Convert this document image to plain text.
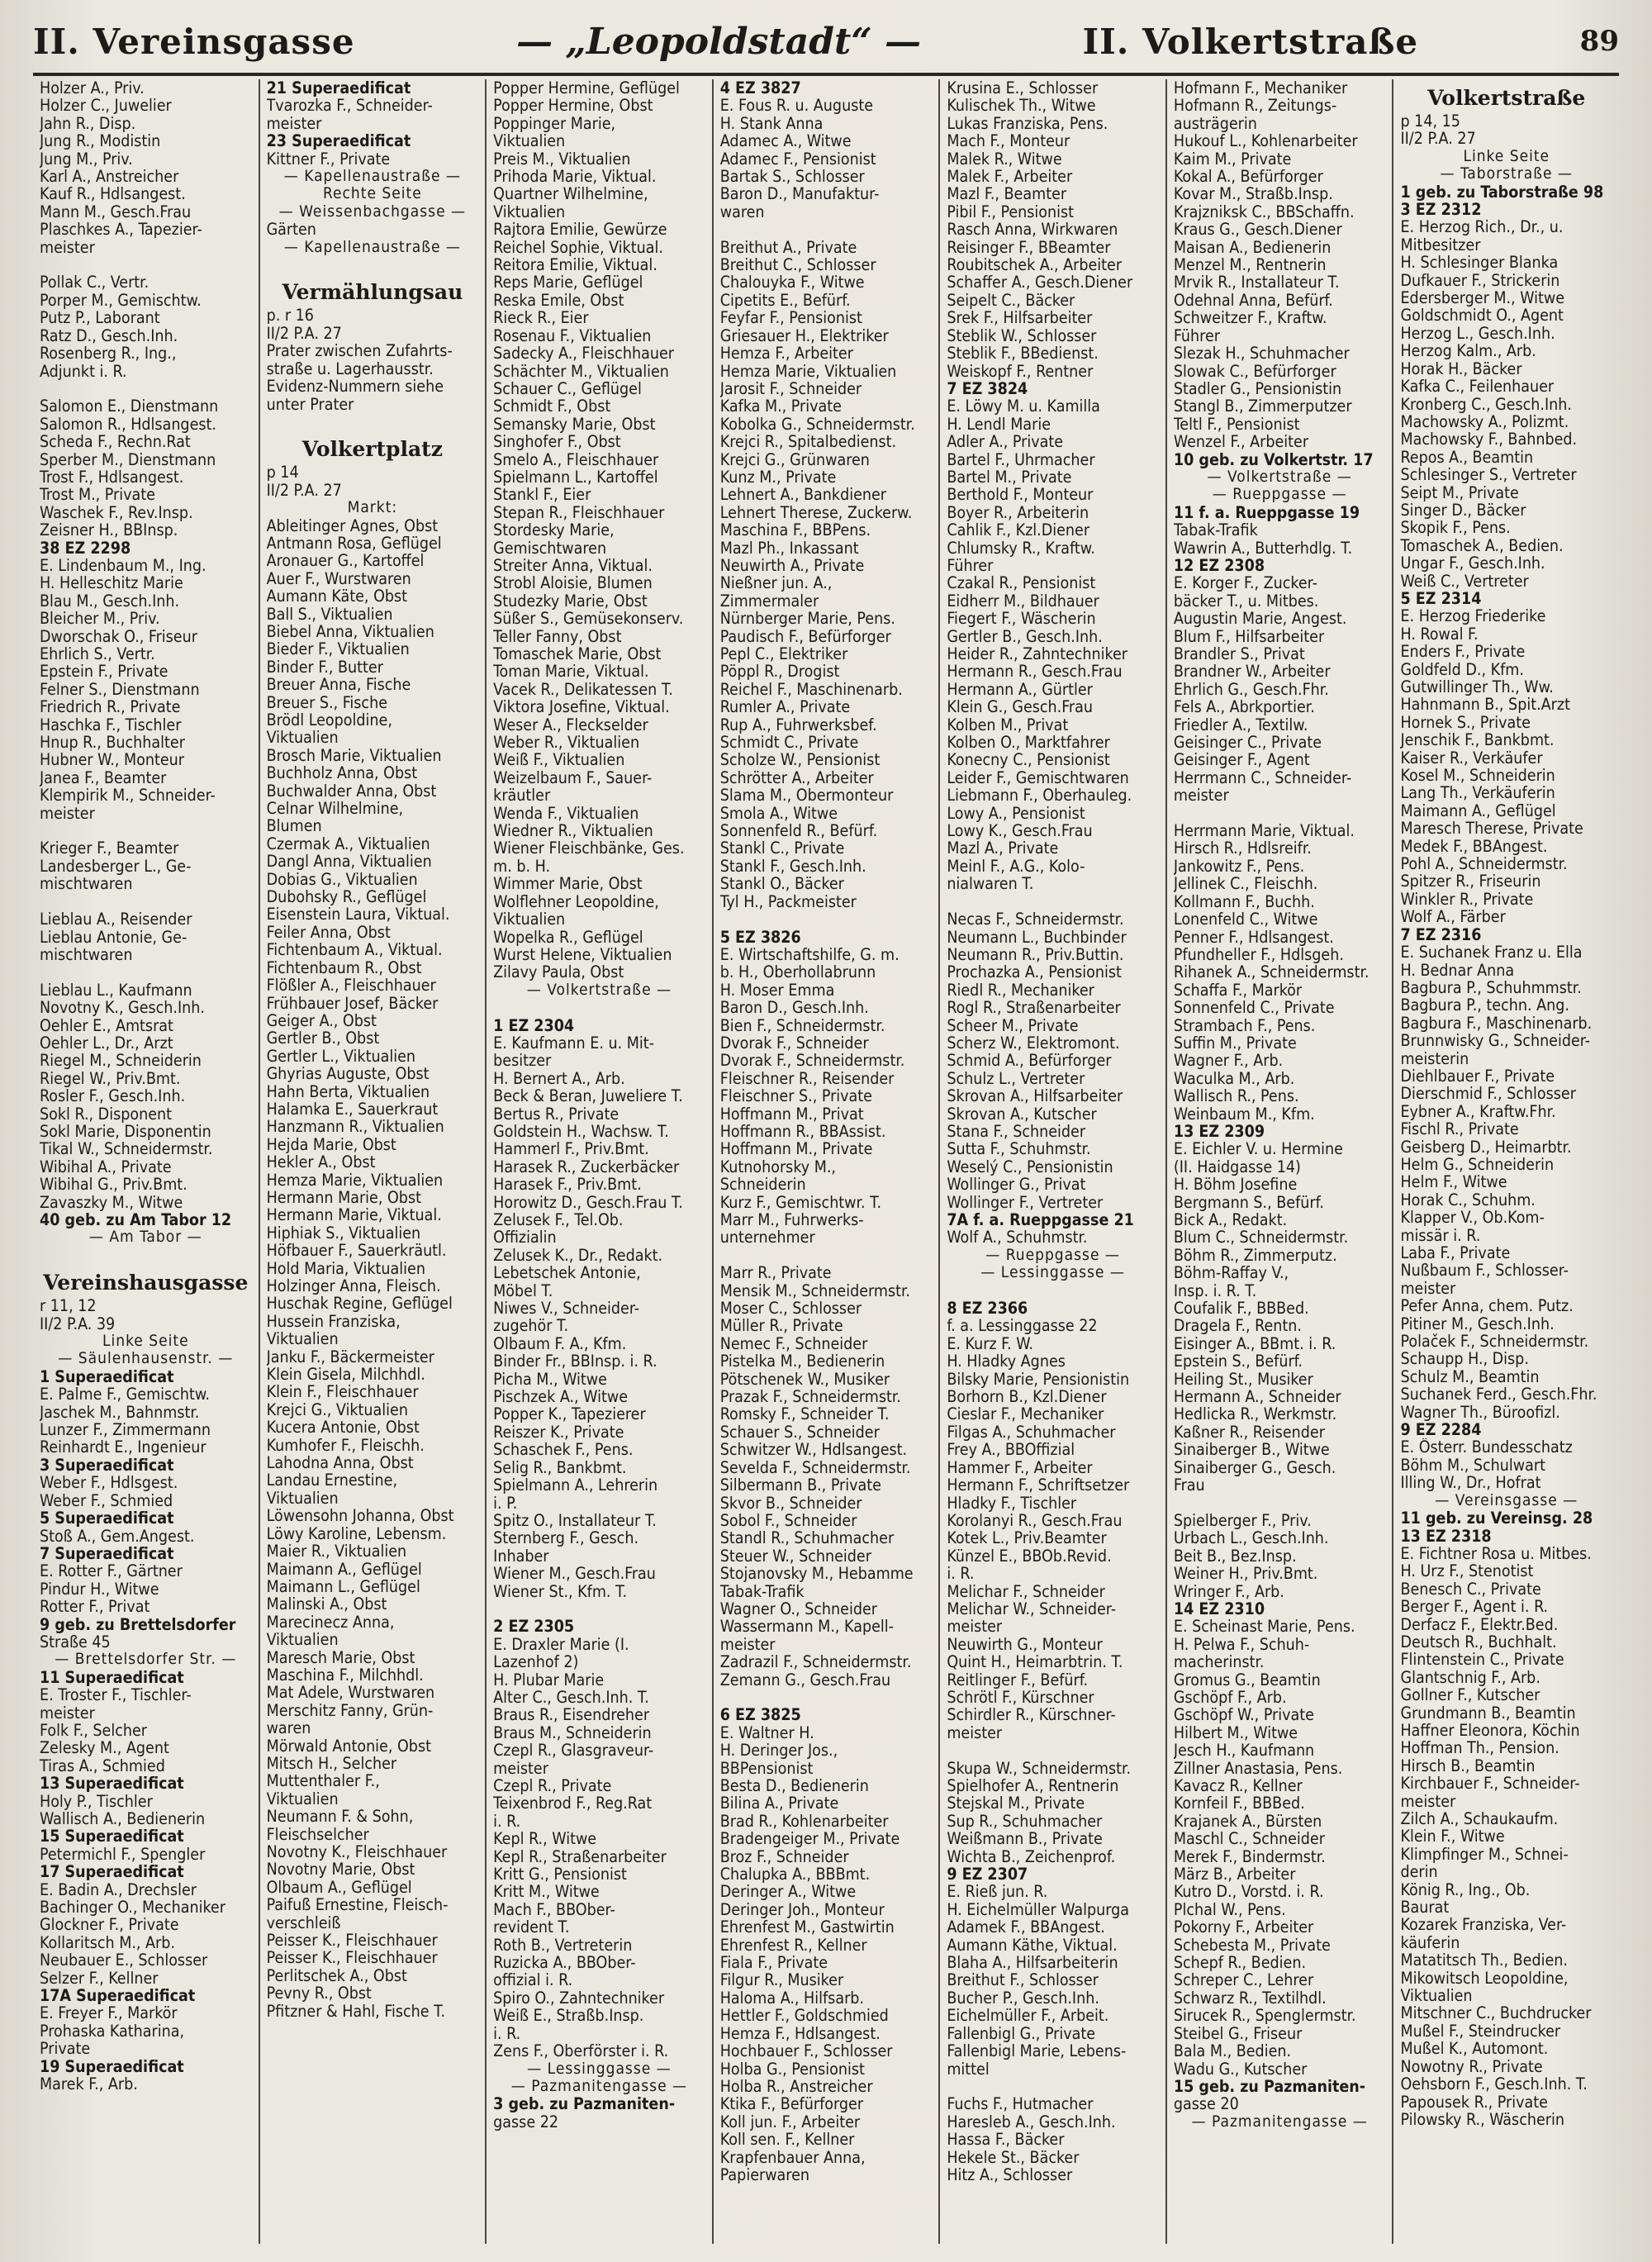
II. Vereinsgasse	— „Leopoldstadt“ —	II. Volkertstraße	89
Holzer A., Priv.
Holzer C., Juwelier
Jahn R., Disp.
Jung R., Modistin
Jung M., Priv.
Karl A., Anstreicher
Kauf R., Hdlsangest.
Mann M., Gesch.Frau
Plaschkes A., Tapezier-
meister

Pollak C., Vertr.
Porper M., Gemischtw.
Putz P., Laborant
Ratz D., Gesch.Inh.
Rosenberg R., Ing.,
Adjunkt i. R.

Salomon E., Dienstmann
Salomon R., Hdlsangest.
Scheda F., Rechn.Rat
Sperber M., Dienstmann
Trost F., Hdlsangest.
Trost M., Private
Waschek F., Rev.Insp.
Zeisner H., BBInsp.
38 EZ 2298
E. Lindenbaum M., Ing.
H. Helleschitz Marie
Blau M., Gesch.Inh.
Bleicher M., Priv.
Dworschak O., Friseur
Ehrlich S., Vertr.
Epstein F., Private
Felner S., Dienstmann
Friedrich R., Private
Haschka F., Tischler
Hnup R., Buchhalter
Hubner W., Monteur
Janea F., Beamter
Klempirik M., Schneider-
meister

Krieger F., Beamter
Landesberger L., Ge-
mischtwaren

Lieblau A., Reisender
Lieblau Antonie, Ge-
mischtwaren

Lieblau L., Kaufmann
Novotny K., Gesch.Inh.
Oehler E., Amtsrat
Oehler L., Dr., Arzt
Riegel M., Schneiderin
Riegel W., Priv.Bmt.
Rosler F., Gesch.Inh.
Sokl R., Disponent
Sokl Marie, Disponentin
Tikal W., Schneidermstr.
Wibihal A., Private
Wibihal G., Priv.Bmt.
Zavaszky M., Witwe
40 geb. zu Am Tabor 12
— Am Tabor —

Vereinshausgasse
r 11, 12
II/2 P.A. 39
Linke Seite
— Säulenhausenstr. —
1 Superaedificat
E. Palme F., Gemischtw.
Jaschek M., Bahnmstr.
Lunzer F., Zimmermann
Reinhardt E., Ingenieur
3 Superaedificat
Weber F., Hdlsgest.
Weber F., Schmied
5 Superaedificat
Stoß A., Gem.Angest.
7 Superaedificat
E. Rotter F., Gärtner
Pindur H., Witwe
Rotter F., Privat
9 geb. zu Brettelsdorfer
Straße 45
— Brettelsdorfer Str. —
11 Superaedificat
E. Troster F., Tischler-
meister
Folk F., Selcher
Zelesky M., Agent
Tiras A., Schmied
13 Superaedificat
Holy P., Tischler
Wallisch A., Bedienerin
15 Superaedificat
Petermichl F., Spengler
17 Superaedificat
E. Badin A., Drechsler
Bachinger O., Mechaniker
Glockner F., Private
Kollaritsch M., Arb.
Neubauer E., Schlosser
Selzer F., Kellner
17A Superaedificat
E. Freyer F., Markör
Prohaska Katharina,
Private
19 Superaedificat
Marek F., Arb.
21 Superaedificat
Tvarozka F., Schneider-
meister
23 Superaedificat
Kittner F., Private
— Kapellenaustraße —
Rechte Seite
— Weissenbachgasse —
Gärten
— Kapellenaustraße —

Vermählungsau
p. r 16
II/2 P.A. 27
Prater zwischen Zufahrts-
straße u. Lagerhausstr.
Evidenz-Nummern siehe
unter Prater

Volkertplatz
p 14
II/2 P.A. 27
Markt:
Ableitinger Agnes, Obst
Antmann Rosa, Geflügel
Aronauer G., Kartoffel
Auer F., Wurstwaren
Aumann Käte, Obst
Ball S., Viktualien
Biebel Anna, Viktualien
Bieder F., Viktualien
Binder F., Butter
Breuer Anna, Fische
Breuer S., Fische
Brödl Leopoldine,
Viktualien
Brosch Marie, Viktualien
Buchholz Anna, Obst
Buchwalder Anna, Obst
Celnar Wilhelmine,
Blumen
Czermak A., Viktualien
Dangl Anna, Viktualien
Dobias G., Viktualien
Dubohsky R., Geflügel
Eisenstein Laura, Viktual.
Feiler Anna, Obst
Fichtenbaum A., Viktual.
Fichtenbaum R., Obst
Flößler A., Fleischhauer
Frühbauer Josef, Bäcker
Geiger A., Obst
Gertler B., Obst
Gertler L., Viktualien
Ghyrias Auguste, Obst
Hahn Berta, Viktualien
Halamka E., Sauerkraut
Hanzmann R., Viktualien
Hejda Marie, Obst
Hekler A., Obst
Hemza Marie, Viktualien
Hermann Marie, Obst
Hermann Marie, Viktual.
Hiphiak S., Viktualien
Höfbauer F., Sauerkräutl.
Hold Maria, Viktualien
Holzinger Anna, Fleisch.
Huschak Regine, Geflügel
Hussein Franziska,
Viktualien
Janku F., Bäckermeister
Klein Gisela, Milchhdl.
Klein F., Fleischhauer
Krejci G., Viktualien
Kucera Antonie, Obst
Kumhofer F., Fleischh.
Lahodna Anna, Obst
Landau Ernestine,
Viktualien
Löwensohn Johanna, Obst
Löwy Karoline, Lebensm.
Maier R., Viktualien
Maimann A., Geflügel
Maimann L., Geflügel
Malinski A., Obst
Marecinecz Anna,
Viktualien
Maresch Marie, Obst
Maschina F., Milchhdl.
Mat Adele, Wurstwaren
Merschitz Fanny, Grün-
waren
Mörwald Antonie, Obst
Mitsch H., Selcher
Muttenthaler F.,
Viktualien
Neumann F. & Sohn,
Fleischselcher
Novotny K., Fleischhauer
Novotny Marie, Obst
Olbaum A., Geflügel
Paifuß Ernestine, Fleisch-
verschleiß
Peisser K., Fleischhauer
Peisser K., Fleischhauer
Perlitschek A., Obst
Pevny R., Obst
Pfitzner & Hahl, Fische T.
Popper Hermine, Geflügel
Popper Hermine, Obst
Poppinger Marie,
Viktualien
Preis M., Viktualien
Prihoda Marie, Viktual.
Quartner Wilhelmine,
Viktualien
Rajtora Emilie, Gewürze
Reichel Sophie, Viktual.
Reitora Emilie, Viktual.
Reps Marie, Geflügel
Reska Emile, Obst
Rieck R., Eier
Rosenau F., Viktualien
Sadecky A., Fleischhauer
Schächter M., Viktualien
Schauer C., Geflügel
Schmidt F., Obst
Semansky Marie, Obst
Singhofer F., Obst
Smelo A., Fleischhauer
Spielmann L., Kartoffel
Stankl F., Eier
Stepan R., Fleischhauer
Stordesky Marie,
Gemischtwaren
Streiter Anna, Viktual.
Strobl Aloisie, Blumen
Studezky Marie, Obst
Süßer S., Gemüsekonserv.
Teller Fanny, Obst
Tomaschek Marie, Obst
Toman Marie, Viktual.
Vacek R., Delikatessen T.
Viktora Josefine, Viktual.
Weser A., Fleckselder
Weber R., Viktualien
Weiß F., Viktualien
Weizelbaum F., Sauer-
kräutler
Wenda F., Viktualien
Wiedner R., Viktualien
Wiener Fleischbänke, Ges.
m. b. H.
Wimmer Marie, Obst
Wolflehner Leopoldine,
Viktualien
Wopelka R., Geflügel
Wurst Helene, Viktualien
Zilavy Paula, Obst
— Volkertstraße —

1 EZ 2304
E. Kaufmann E. u. Mit-
besitzer
H. Bernert A., Arb.
Beck & Beran, Juweliere T.
Bertus R., Private
Goldstein H., Wachsw. T.
Hammerl F., Priv.Bmt.
Harasek R., Zuckerbäcker
Harasek F., Priv.Bmt.
Horowitz D., Gesch.Frau T.
Zelusek F., Tel.Ob.
Offizialin
Zelusek K., Dr., Redakt.
Lebetschek Antonie,
Möbel T.
Niwes V., Schneider-
zugehör T.
Olbaum F. A., Kfm.
Binder Fr., BBInsp. i. R.
Picha M., Witwe
Pischzek A., Witwe
Popper K., Tapezierer
Reiszer K., Private
Schaschek F., Pens.
Selig R., Bankbmt.
Spielmann A., Lehrerin
i. P.
Spitz O., Installateur T.
Sternberg F., Gesch.
Inhaber
Wiener M., Gesch.Frau
Wiener St., Kfm. T.

2 EZ 2305
E. Draxler Marie (I.
Lazenhof 2)
H. Plubar Marie
Alter C., Gesch.Inh. T.
Braus R., Eisendreher
Braus M., Schneiderin
Czepl R., Glasgraveur-
meister
Czepl R., Private
Teixenbrod F., Reg.Rat
i. R.
Kepl R., Witwe
Kepl R., Straßenarbeiter
Kritt G., Pensionist
Kritt M., Witwe
Mach F., BBOber-
revident T.
Roth B., Vertreterin
Ruzicka A., BBOber-
offizial i. R.
Spiro O., Zahntechniker
Weiß E., Straßb.Insp.
i. R.
Zens F., Oberförster i. R.
— Lessinggasse —
— Pazmanitengasse —
3 geb. zu Pazmaniten-
gasse 22
4 EZ 3827
E. Fous R. u. Auguste
H. Stank Anna
Adamec A., Witwe
Adamec F., Pensionist
Bartak S., Schlosser
Baron D., Manufaktur-
waren

Breithut A., Private
Breithut C., Schlosser
Chalouyka F., Witwe
Cipetits E., Befürf.
Feyfar F., Pensionist
Griesauer H., Elektriker
Hemza F., Arbeiter
Hemza Marie, Viktualien
Jarosit F., Schneider
Kafka M., Private
Kobolka G., Schneidermstr.
Krejci R., Spitalbedienst.
Krejci G., Grünwaren
Kunz M., Private
Lehnert A., Bankdiener
Lehnert Therese, Zuckerw.
Maschina F., BBPens.
Mazl Ph., Inkassant
Neuwirth A., Private
Nießner jun. A.,
Zimmermaler
Nürnberger Marie, Pens.
Paudisch F., Befürforger
Pepl C., Elektriker
Pöppl R., Drogist
Reichel F., Maschinenarb.
Rumler A., Private
Rup A., Fuhrwerksbef.
Schmidt C., Private
Scholze W., Pensionist
Schrötter A., Arbeiter
Slama M., Obermonteur
Smola A., Witwe
Sonnenfeld R., Befürf.
Stankl C., Private
Stankl F., Gesch.Inh.
Stankl O., Bäcker
Tyl H., Packmeister

5 EZ 3826
E. Wirtschaftshilfe, G. m.
b. H., Oberhollabrunn
H. Moser Emma
Baron D., Gesch.Inh.
Bien F., Schneidermstr.
Dvorak F., Schneider
Dvorak F., Schneidermstr.
Fleischner R., Reisender
Fleischner S., Private
Hoffmann M., Privat
Hoffmann R., BBAssist.
Hoffmann M., Private
Kutnohorsky M.,
Schneiderin
Kurz F., Gemischtwr. T.
Marr M., Fuhrwerks-
unternehmer

Marr R., Private
Mensik M., Schneidermstr.
Moser C., Schlosser
Müller R., Private
Nemec F., Schneider
Pistelka M., Bedienerin
Pötschenek W., Musiker
Prazak F., Schneidermstr.
Romsky F., Schneider T.
Schauer S., Schneider
Schwitzer W., Hdlsangest.
Sevelda F., Schneidermstr.
Silbermann B., Private
Skvor B., Schneider
Sobol F., Schneider
Standl R., Schuhmacher
Steuer W., Schneider
Stojanovsky M., Hebamme
Tabak-Trafik
Wagner O., Schneider
Wassermann M., Kapell-
meister
Zadrazil F., Schneidermstr.
Zemann G., Gesch.Frau

6 EZ 3825
E. Waltner H.
H. Deringer Jos.,
BBPensionist
Besta D., Bedienerin
Bilina A., Private
Brad R., Kohlenarbeiter
Bradengeiger M., Private
Broz F., Schneider
Chalupka A., BBBmt.
Deringer A., Witwe
Deringer Joh., Monteur
Ehrenfest M., Gastwirtin
Ehrenfest R., Kellner
Fiala F., Private
Filgur R., Musiker
Haloma A., Hilfsarb.
Hettler F., Goldschmied
Hemza F., Hdlsangest.
Hochbauer F., Schlosser
Holba G., Pensionist
Holba R., Anstreicher
Ktika F., Befürforger
Koll jun. F., Arbeiter
Koll sen. F., Kellner
Krapfenbauer Anna,
Papierwaren
Krusina E., Schlosser
Kulischek Th., Witwe
Lukas Franziska, Pens.
Mach F., Monteur
Malek R., Witwe
Malek F., Arbeiter
Mazl F., Beamter
Pibil F., Pensionist
Rasch Anna, Wirkwaren
Reisinger F., BBeamter
Roubitschek A., Arbeiter
Schaffer A., Gesch.Diener
Seipelt C., Bäcker
Srek F., Hilfsarbeiter
Steblik W., Schlosser
Steblik F., BBedienst.
Weiskopf F., Rentner
7 EZ 3824
E. Löwy M. u. Kamilla
H. Lendl Marie
Adler A., Private
Bartel F., Uhrmacher
Bartel M., Private
Berthold F., Monteur
Boyer R., Arbeiterin
Cahlik F., Kzl.Diener
Chlumsky R., Kraftw.
Führer
Czakal R., Pensionist
Eidherr M., Bildhauer
Fiegert F., Wäscherin
Gertler B., Gesch.Inh.
Heider R., Zahntechniker
Hermann R., Gesch.Frau
Hermann A., Gürtler
Klein G., Gesch.Frau
Kolben M., Privat
Kolben O., Marktfahrer
Konecny C., Pensionist
Leider F., Gemischtwaren
Liebmann F., Oberhauleg.
Lowy A., Pensionist
Lowy K., Gesch.Frau
Mazl A., Private
Meinl F., A.G., Kolo-
nialwaren T.

Necas F., Schneidermstr.
Neumann L., Buchbinder
Neumann R., Priv.Buttin.
Prochazka A., Pensionist
Riedl R., Mechaniker
Rogl R., Straßenarbeiter
Scheer M., Private
Scherz W., Elektromont.
Schmid A., Befürforger
Schulz L., Vertreter
Skrovan A., Hilfsarbeiter
Skrovan A., Kutscher
Stana F., Schneider
Sutta F., Schuhmstr.
Weselý C., Pensionistin
Wollinger G., Privat
Wollinger F., Vertreter
7A f. a. Rueppgasse 21
Wolf A., Schuhmstr.
— Rueppgasse —
— Lessinggasse —

8 EZ 2366
f. a. Lessinggasse 22
E. Kurz F. W.
H. Hladky Agnes
Bilsky Marie, Pensionistin
Borhorn B., Kzl.Diener
Cieslar F., Mechaniker
Filgas A., Schuhmacher
Frey A., BBOffizial
Hammer F., Arbeiter
Hermann F., Schriftsetzer
Hladky F., Tischler
Korolanyi R., Gesch.Frau
Kotek L., Priv.Beamter
Künzel E., BBOb.Revid.
i. R.
Melichar F., Schneider
Melichar W., Schneider-
meister
Neuwirth G., Monteur
Quint H., Heimarbtrin. T.
Reitlinger F., Befürf.
Schrötl F., Kürschner
Schirdler R., Kürschner-
meister

Skupa W., Schneidermstr.
Spielhofer A., Rentnerin
Stejskal M., Private
Sup R., Schuhmacher
Weißmann B., Private
Wichta B., Zeichenprof.
9 EZ 2307
E. Rieß jun. R.
H. Eichelmüller Walpurga
Adamek F., BBAngest.
Aumann Käthe, Viktual.
Blaha A., Hilfsarbeiterin
Breithut F., Schlosser
Bucher P., Gesch.Inh.
Eichelmüller F., Arbeit.
Fallenbigl G., Private
Fallenbigl Marie, Lebens-
mittel

Fuchs F., Hutmacher
Haresleb A., Gesch.Inh.
Hassa F., Bäcker
Hekele St., Bäcker
Hitz A., Schlosser
Hofmann F., Mechaniker
Hofmann R., Zeitungs-
austrägerin
Hukouf L., Kohlenarbeiter
Kaim M., Private
Kokal A., Befürforger
Kovar M., Straßb.Insp.
Krajzniksk C., BBSchaffn.
Kraus G., Gesch.Diener
Maisan A., Bedienerin
Menzel M., Rentnerin
Mrvik R., Installateur T.
Odehnal Anna, Befürf.
Schweitzer F., Kraftw.
Führer
Slezak H., Schuhmacher
Slowak C., Befürforger
Stadler G., Pensionistin
Stangl B., Zimmerputzer
Teltl F., Pensionist
Wenzel F., Arbeiter
10 geb. zu Volkertstr. 17
— Volkertstraße —
— Rueppgasse —
11 f. a. Rueppgasse 19
Tabak-Trafik
Wawrin A., Butterhdlg. T.
12 EZ 2308
E. Korger F., Zucker-
bäcker T., u. Mitbes.
Augustin Marie, Angest.
Blum F., Hilfsarbeiter
Brandler S., Privat
Brandner W., Arbeiter
Ehrlich G., Gesch.Fhr.
Fels A., Abrkportier.
Friedler A., Textilw.
Geisinger C., Private
Geisinger F., Agent
Herrmann C., Schneider-
meister

Herrmann Marie, Viktual.
Hirsch R., Hdlsreifr.
Jankowitz F., Pens.
Jellinek C., Fleischh.
Kollmann F., Buchh.
Lonenfeld C., Witwe
Penner F., Hdlsangest.
Pfundheller F., Hdlsgeh.
Rihanek A., Schneidermstr.
Schaffa F., Markör
Sonnenfeld C., Private
Strambach F., Pens.
Suffin M., Private
Wagner F., Arb.
Waculka M., Arb.
Wallisch R., Pens.
Weinbaum M., Kfm.
13 EZ 2309
E. Eichler V. u. Hermine
(II. Haidgasse 14)
H. Böhm Josefine
Bergmann S., Befürf.
Bick A., Redakt.
Blum C., Schneidermstr.
Böhm R., Zimmerputz.
Böhm-Raffay V.,
Insp. i. R. T.
Coufalik F., BBBed.
Dragela F., Rentn.
Eisinger A., BBmt. i. R.
Epstein S., Befürf.
Heiling St., Musiker
Hermann A., Schneider
Hedlicka R., Werkmstr.
Kaßner R., Reisender
Sinaiberger B., Witwe
Sinaiberger G., Gesch.
Frau

Spielberger F., Priv.
Urbach L., Gesch.Inh.
Beit B., Bez.Insp.
Weiner H., Priv.Bmt.
Wringer F., Arb.
14 EZ 2310
E. Scheinast Marie, Pens.
H. Pelwa F., Schuh-
macherinstr.
Gromus G., Beamtin
Gschöpf F., Arb.
Gschöpf W., Private
Hilbert M., Witwe
Jesch H., Kaufmann
Zillner Anastasia, Pens.
Kavacz R., Kellner
Kornfeil F., BBBed.
Krajanek A., Bürsten
Maschl C., Schneider
Merek F., Bindermstr.
März B., Arbeiter
Kutro D., Vorstd. i. R.
Plchal W., Pens.
Pokorny F., Arbeiter
Schebesta M., Private
Schepf R., Bedien.
Schreper C., Lehrer
Schwarz R., Textilhdl.
Sirucek R., Spenglermstr.
Steibel G., Friseur
Bala M., Bedien.
Wadu G., Kutscher
15 geb. zu Pazmaniten-
gasse 20
— Pazmanitengasse —
Volkertstraße
p 14, 15
II/2 P.A. 27
Linke Seite
— Taborstraße —
1 geb. zu Taborstraße 98
3 EZ 2312
E. Herzog Rich., Dr., u.
Mitbesitzer
H. Schlesinger Blanka
Dufkauer F., Strickerin
Edersberger M., Witwe
Goldschmidt O., Agent
Herzog L., Gesch.Inh.
Herzog Kalm., Arb.
Horak H., Bäcker
Kafka C., Feilenhauer
Kronberg C., Gesch.Inh.
Machowsky A., Polizmt.
Machowsky F., Bahnbed.
Repos A., Beamtin
Schlesinger S., Vertreter
Seipt M., Private
Singer D., Bäcker
Skopik F., Pens.
Tomaschek A., Bedien.
Ungar F., Gesch.Inh.
Weiß C., Vertreter
5 EZ 2314
E. Herzog Friederike
H. Rowal F.
Enders F., Private
Goldfeld D., Kfm.
Gutwillinger Th., Ww.
Hahnmann B., Spit.Arzt
Hornek S., Private
Jenschik F., Bankbmt.
Kaiser R., Verkäufer
Kosel M., Schneiderin
Lang Th., Verkäuferin
Maimann A., Geflügel
Maresch Therese, Private
Medek F., BBAngest.
Pohl A., Schneidermstr.
Spitzer R., Friseurin
Winkler R., Private
Wolf A., Färber
7 EZ 2316
E. Suchanek Franz u. Ella
H. Bednar Anna
Bagbura P., Schuhmmstr.
Bagbura P., techn. Ang.
Bagbura F., Maschinenarb.
Brunnwisky G., Schneider-
meisterin
Diehlbauer F., Private
Dierschmid F., Schlosser
Eybner A., Kraftw.Fhr.
Fischl R., Private
Geisberg D., Heimarbtr.
Helm G., Schneiderin
Helm F., Witwe
Horak C., Schuhm.
Klapper V., Ob.Kom-
missär i. R.
Laba F., Private
Nußbaum F., Schlosser-
meister
Pefer Anna, chem. Putz.
Pitiner M., Gesch.Inh.
Polaček F., Schneidermstr.
Schaupp H., Disp.
Schulz M., Beamtin
Suchanek Ferd., Gesch.Fhr.
Wagner Th., Büroofizl.
9 EZ 2284
E. Österr. Bundesschatz
Böhm M., Schulwart
Illing W., Dr., Hofrat
— Vereinsgasse —
11 geb. zu Vereinsg. 28
13 EZ 2318
E. Fichtner Rosa u. Mitbes.
H. Urz F., Stenotist
Benesch C., Private
Berger F., Agent i. R.
Derfacz F., Elektr.Bed.
Deutsch R., Buchhalt.
Flintenstein C., Private
Glantschnig F., Arb.
Gollner F., Kutscher
Grundmann B., Beamtin
Haffner Eleonora, Köchin
Hoffman Th., Pension.
Hirsch B., Beamtin
Kirchbauer F., Schneider-
meister
Zilch A., Schaukaufm.
Klein F., Witwe
Klimpfinger M., Schnei-
derin
König R., Ing., Ob.
Baurat
Kozarek Franziska, Ver-
käuferin
Matatitsch Th., Bedien.
Mikowitsch Leopoldine,
Viktualien
Mitschner C., Buchdrucker
Mußel F., Steindrucker
Mußel K., Automont.
Nowotny R., Private
Oehsborn F., Gesch.Inh. T.
Papousek R., Private
Pilowsky R., Wäscherin
